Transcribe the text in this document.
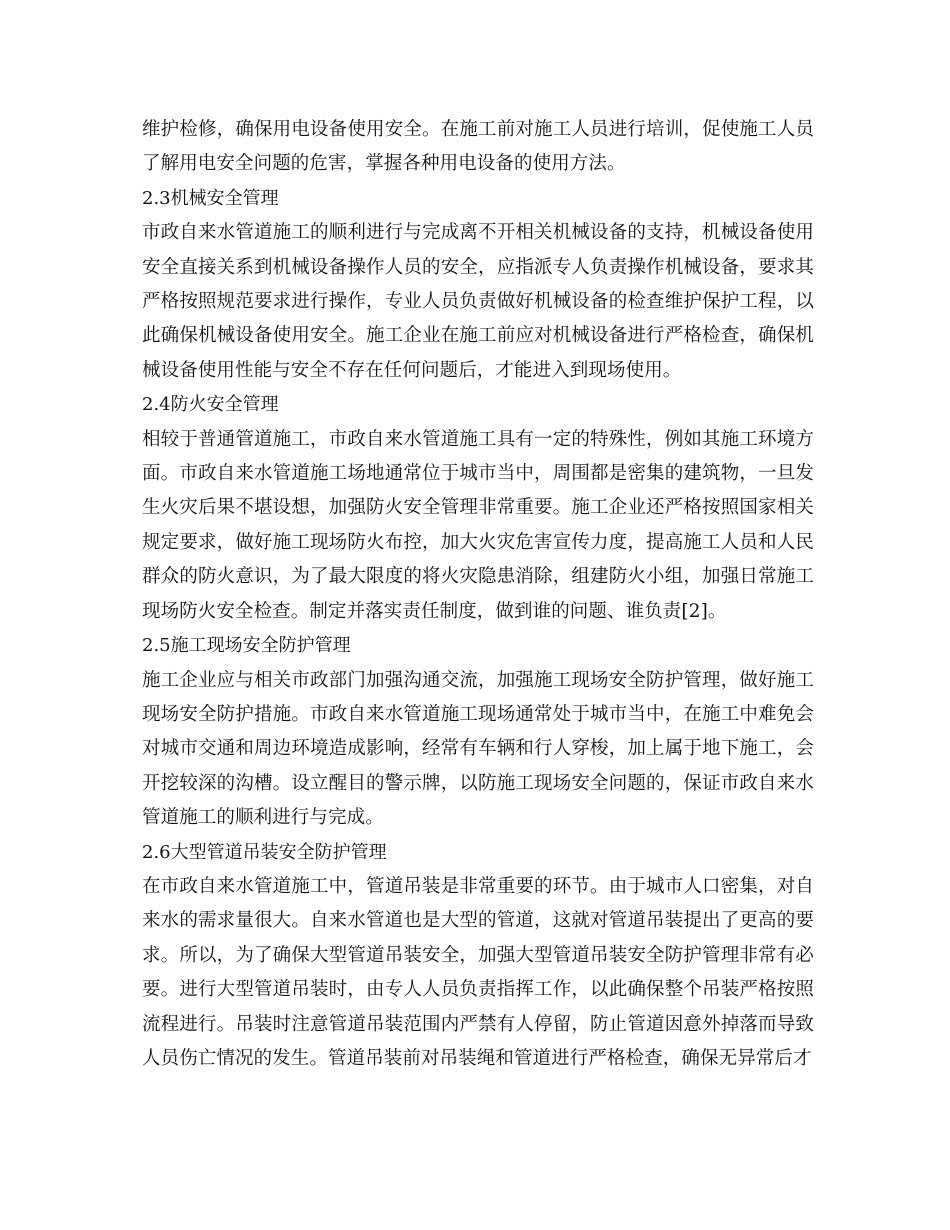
维护检修，确保用电设备使用安全。在施工前对施工人员进行培训，促使施工人员了解用电安全问题的危害，掌握各种用电设备的使用方法。

2.3机械安全管理

市政自来水管道施工的顺利进行与完成离不开相关机械设备的支持，机械设备使用安全直接关系到机械设备操作人员的安全，应指派专人负责操作机械设备，要求其严格按照规范要求进行操作，专业人员负责做好机械设备的检查维护保护工程，以此确保机械设备使用安全。施工企业在施工前应对机械设备进行严格检查，确保机械设备使用性能与安全不存在任何问题后，才能进入到现场使用。

2.4防火安全管理

相较于普通管道施工，市政自来水管道施工具有一定的特殊性，例如其施工环境方面。市政自来水管道施工场地通常位于城市当中，周围都是密集的建筑物，一旦发生火灾后果不堪设想，加强防火安全管理非常重要。施工企业还严格按照国家相关规定要求，做好施工现场防火布控，加大火灾危害宣传力度，提高施工人员和人民群众的防火意识，为了最大限度的将火灾隐患消除，组建防火小组，加强日常施工现场防火安全检查。制定并落实责任制度，做到谁的问题、谁负责[2]。

2.5施工现场安全防护管理

施工企业应与相关市政部门加强沟通交流，加强施工现场安全防护管理，做好施工现场安全防护措施。市政自来水管道施工现场通常处于城市当中，在施工中难免会对城市交通和周边环境造成影响，经常有车辆和行人穿梭，加上属于地下施工，会开挖较深的沟槽。设立醒目的警示牌，以防施工现场安全问题的，保证市政自来水管道施工的顺利进行与完成。

2.6大型管道吊装安全防护管理

在市政自来水管道施工中，管道吊装是非常重要的环节。由于城市人口密集，对自来水的需求量很大。自来水管道也是大型的管道，这就对管道吊装提出了更高的要求。所以，为了确保大型管道吊装安全，加强大型管道吊装安全防护管理非常有必要。进行大型管道吊装时，由专人人员负责指挥工作，以此确保整个吊装严格按照流程进行。吊装时注意管道吊装范围内严禁有人停留，防止管道因意外掉落而导致人员伤亡情况的发生。管道吊装前对吊装绳和管道进行严格检查，确保无异常后才
